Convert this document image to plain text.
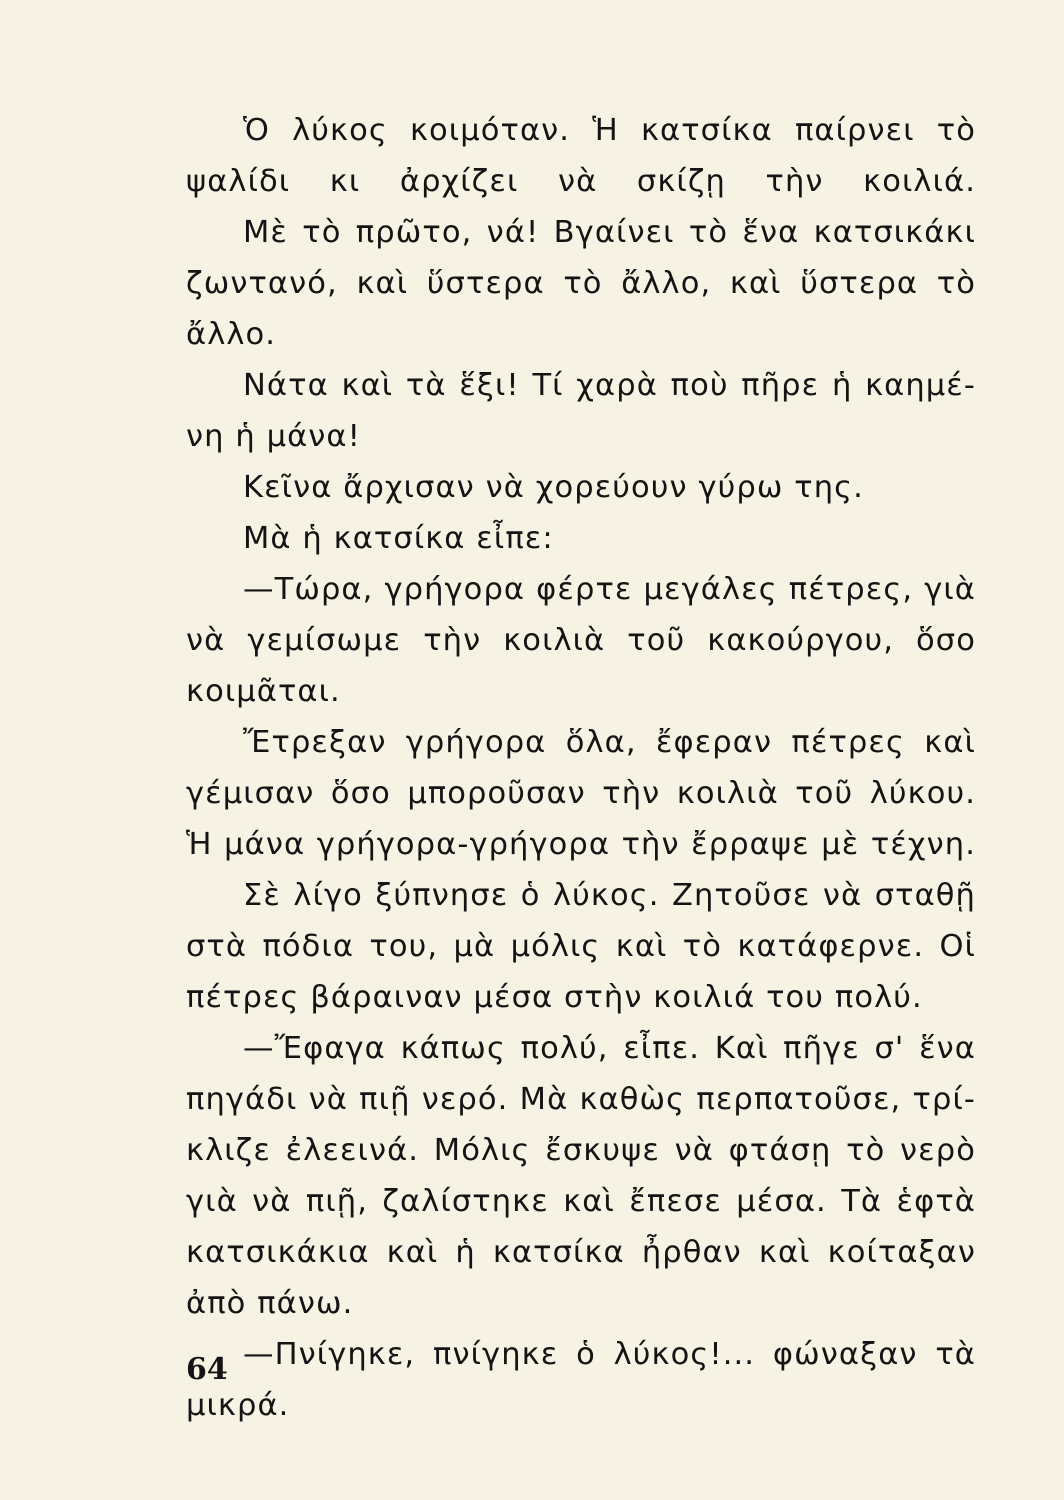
Ὁ λύκος κοιμόταν. Ἡ κατσίκα παίρνει τὸ
ψαλίδι κι ἀρχίζει νὰ σκίζῃ τὴν κοιλιά.
Μὲ τὸ πρῶτο, νά! Βγαίνει τὸ ἕνα κατσικάκι
ζωντανό, καὶ ὕστερα τὸ ἄλλο, καὶ ὕστερα τὸ
ἄλλο.
Νάτα καὶ τὰ ἕξι! Τί χαρὰ ποὺ πῆρε ἡ καημέ-
νη ἡ μάνα!
Κεῖνα ἄρχισαν νὰ χορεύουν γύρω της.
Μὰ ἡ κατσίκα εἶπε:
—Τώρα, γρήγορα φέρτε μεγάλες πέτρες, γιὰ
νὰ γεμίσωμε τὴν κοιλιὰ τοῦ κακούργου, ὅσο
κοιμᾶται.
Ἔτρεξαν γρήγορα ὅλα, ἔφεραν πέτρες καὶ
γέμισαν ὅσο μποροῦσαν τὴν κοιλιὰ τοῦ λύκου.
Ἡ μάνα γρήγορα-γρήγορα τὴν ἔρραψε μὲ τέχνη.
Σὲ λίγο ξύπνησε ὁ λύκος. Ζητοῦσε νὰ σταθῇ
στὰ πόδια του, μὰ μόλις καὶ τὸ κατάφερνε. Οἱ
πέτρες βάραιναν μέσα στὴν κοιλιά του πολύ.
—Ἔφαγα κάπως πολύ, εἶπε. Καὶ πῆγε σ' ἕνα
πηγάδι νὰ πιῇ νερό. Μὰ καθὼς περπατοῦσε, τρί-
κλιζε ἐλεεινά. Μόλις ἔσκυψε νὰ φτάσῃ τὸ νερὸ
γιὰ νὰ πιῇ, ζαλίστηκε καὶ ἔπεσε μέσα. Τὰ ἑφτὰ
κατσικάκια καὶ ἡ κατσίκα ἦρθαν καὶ κοίταξαν
ἀπὸ πάνω.
—Πνίγηκε, πνίγηκε ὁ λύκος!... φώναξαν τὰ
μικρά.
64
